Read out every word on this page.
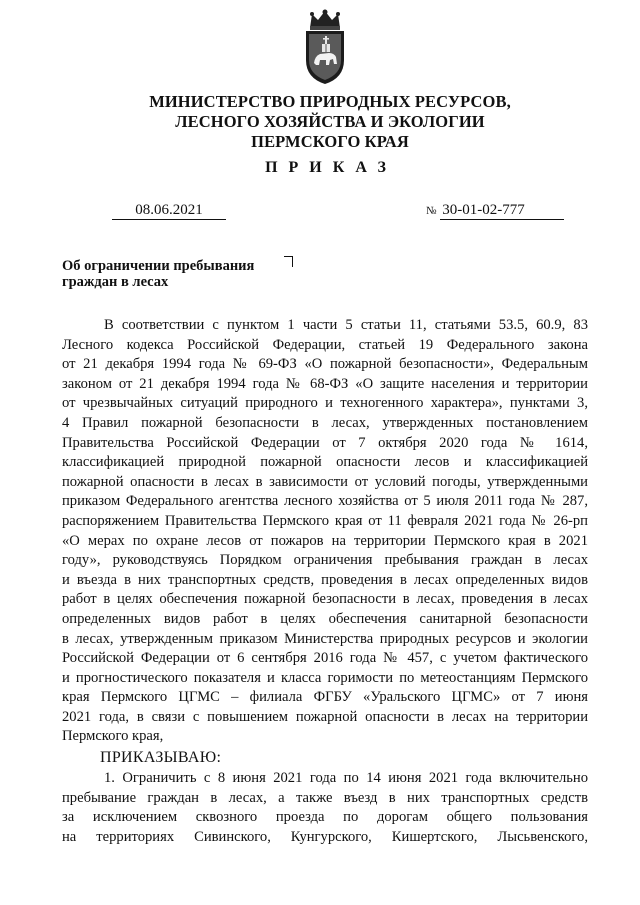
МИНИСТЕРСТВО ПРИРОДНЫХ РЕСУРСОВ,
ЛЕСНОГО ХОЗЯЙСТВА И ЭКОЛОГИИ
ПЕРМСКОГО КРАЯ
ПРИКАЗ
08.06.2021	№ 30-01-02-777
Об ограничении пребывания
граждан в лесах
В соответствии с пунктом 1 части 5 статьи 11, статьями 53.5, 60.9, 83
Лесного кодекса Российской Федерации, статьей 19 Федерального закона
от 21 декабря 1994 года № 69-ФЗ «О пожарной безопасности», Федеральным
законом от 21 декабря 1994 года № 68-ФЗ «О защите населения и территории
от чрезвычайных ситуаций природного и техногенного характера», пунктами 3,
4 Правил пожарной безопасности в лесах, утвержденных постановлением
Правительства Российской Федерации от 7 октября 2020 года № 1614,
классификацией природной пожарной опасности лесов и классификацией
пожарной опасности в лесах в зависимости от условий погоды, утвержденными
приказом Федерального агентства лесного хозяйства от 5 июля 2011 года № 287,
распоряжением Правительства Пермского края от 11 февраля 2021 года № 26-рп
«О мерах по охране лесов от пожаров на территории Пермского края в 2021
году», руководствуясь Порядком ограничения пребывания граждан в лесах
и въезда в них транспортных средств, проведения в лесах определенных видов
работ в целях обеспечения пожарной безопасности в лесах, проведения в лесах
определенных видов работ в целях обеспечения санитарной безопасности
в лесах, утвержденным приказом Министерства природных ресурсов и экологии
Российской Федерации от 6 сентября 2016 года № 457, с учетом фактического
и прогностического показателя и класса горимости по метеостанциям Пермского
края Пермского ЦГМС – филиала ФГБУ «Уральского ЦГМС» от 7 июня
2021 года, в связи с повышением пожарной опасности в лесах на территории
Пермского края,
ПРИКАЗЫВАЮ:
1. Ограничить с 8 июня 2021 года по 14 июня 2021 года включительно
пребывание граждан в лесах, а также въезд в них транспортных средств
за исключением сквозного проезда по дорогам общего пользования
на территориях Сивинского, Кунгурского, Кишертского, Лысьвенского,
